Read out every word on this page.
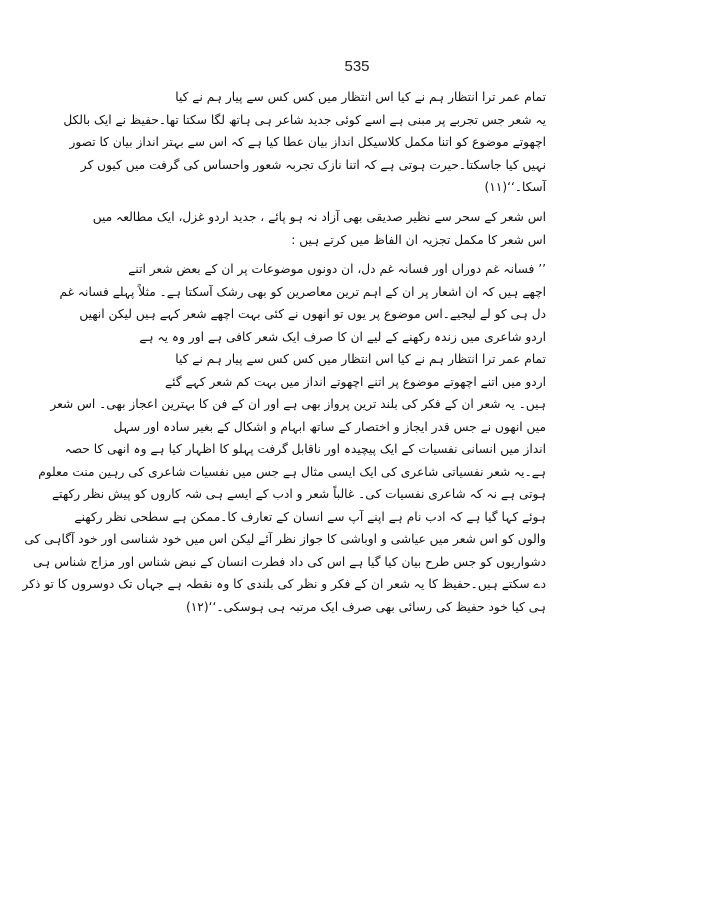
535
تمام عمر ترا انتظار ہم نے کیا اس انتظار میں کس کس سے پیار ہم نے کیا
یہ شعر جس تجربے پر مبنی ہے اسے کوئی جدید شاعر ہی ہاتھ لگا سکتا تھا۔حفیظ نے ایک بالکل
اچھوتے موضوع کو اتنا مکمل کلاسیکل انداز بیان عطا کیا ہے کہ اس سے بہتر انداز بیان کا تصور
نہیں کیا جاسکتا۔حیرت ہوتی ہے کہ اتنا نازک تجربہ شعور واحساس کی گرفت میں کیوں کر
آسکا۔‘‘(۱۱)
اس شعر کے سحر سے نظیر صدیقی بھی آزاد نہ ہو پائے ، جدید اردو غزل، ایک مطالعہ میں
اس شعر کا مکمل تجزیہ ان الفاظ میں کرتے ہیں :
’’ فسانہ غم دوراں اور فسانہ غم دل، ان دونوں موضوعات پر ان کے بعض شعر اتنے
اچھے ہیں کہ ان اشعار پر ان کے اہم ترین معاصرین کو بھی رشک آسکتا ہے۔ مثلاً پہلے فسانہ غم
دل ہی کو لے لیجیے۔اس موضوع پر یوں تو انھوں نے کئی بہت اچھے شعر کہے ہیں لیکن انھیں
اردو شاعری میں زندہ رکھنے کے لیے ان کا صرف ایک شعر کافی ہے اور وہ یہ ہے
تمام عمر ترا انتظار ہم نے کیا اس انتظار میں کس کس سے پیار ہم نے کیا
اردو میں اتنے اچھوتے موضوع پر اتنے اچھوتے انداز میں بہت کم شعر کہے گئے
ہیں۔ یہ شعر ان کے فکر کی بلند ترین پرواز بھی ہے اور ان کے فن کا بہترین اعجاز بھی۔ اس شعر
میں انھوں نے جس قدر ایجاز و اختصار کے ساتھ ابہام و اشکال کے بغیر سادہ اور سہل
انداز میں انسانی نفسیات کے ایک پیچیدہ اور ناقابل گرفت پہلو کا اظہار کیا ہے وہ انھی کا حصہ
ہے۔یہ شعر نفسیاتی شاعری کی ایک ایسی مثال ہے جس میں نفسیات شاعری کی رہین منت معلوم
ہوتی ہے نہ کہ شاعری نفسیات کی۔ غالباً شعر و ادب کے ایسے ہی شہ کاروں کو پیش نظر رکھتے
ہوئے کہا گیا ہے کہ ادب نام ہے اپنے آپ سے انسان کے تعارف کا۔ممکن ہے سطحی نظر رکھنے
والوں کو اس شعر میں عیاشی و اوباشی کا جواز نظر آئے لیکن اس میں خود شناسی اور خود آگاہی کی
دشواریوں کو جس طرح بیان کیا گیا ہے اس کی داد فطرت انسان کے نبض شناس اور مزاج شناس ہی
دے سکتے ہیں۔حفیظ کا یہ شعر ان کے فکر و نظر کی بلندی کا وہ نقطہ ہے جہاں تک دوسروں کا تو ذکر
ہی کیا خود حفیظ کی رسائی بھی صرف ایک مرتبہ ہی ہوسکی۔‘‘(۱۲)
